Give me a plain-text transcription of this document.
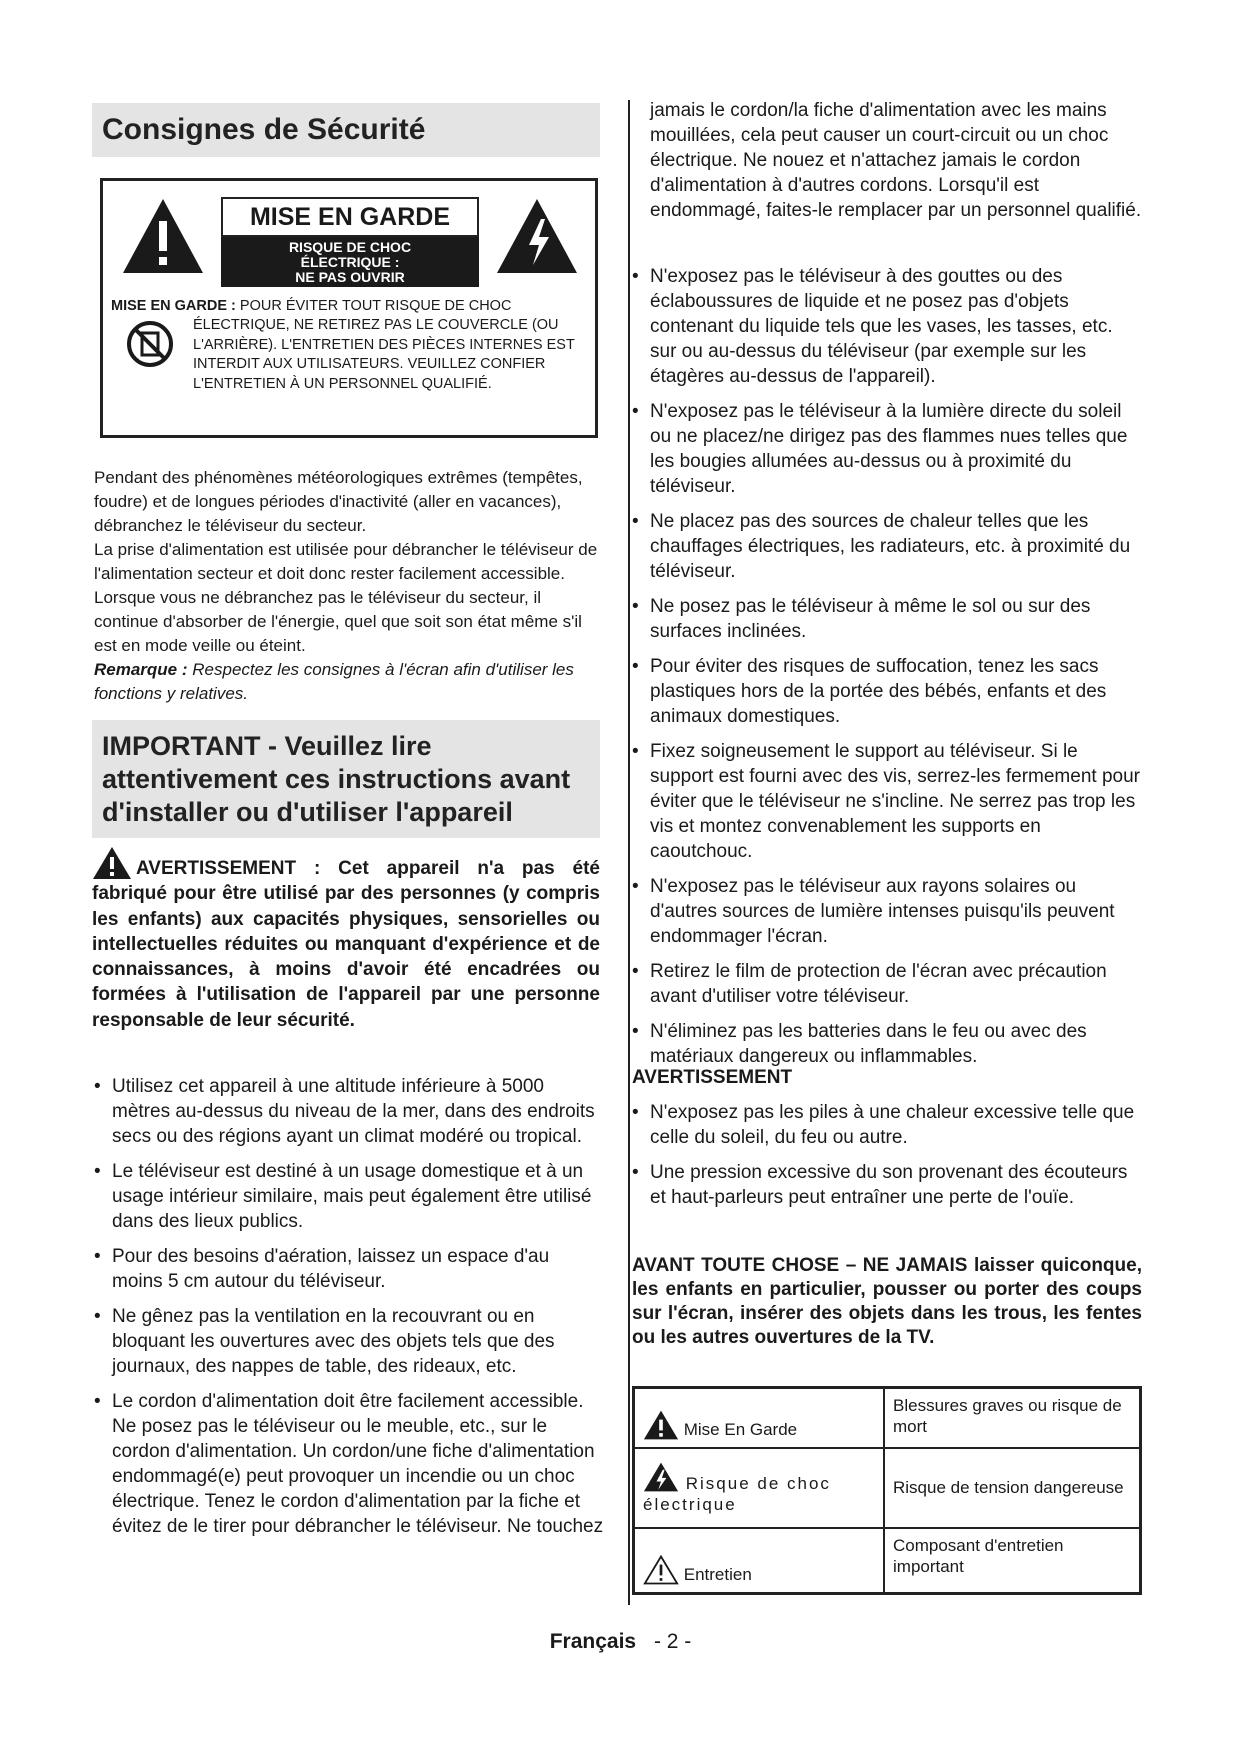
Consignes de Sécurité
MISE EN GARDE
RISQUE DE CHOC
ÉLECTRIQUE :
NE PAS OUVRIR
MISE EN GARDE : POUR ÉVITER TOUT RISQUE DE CHOC
ÉLECTRIQUE, NE RETIREZ PAS LE COUVERCLE (OU L'ARRIÈRE). L'ENTRETIEN DES PIÈCES INTERNES EST INTERDIT AUX UTILISATEURS. VEUILLEZ CONFIER L'ENTRETIEN À UN PERSONNEL QUALIFIÉ.

Pendant des phénomènes météorologiques extrêmes (tempêtes, foudre) et de longues périodes d'inactivité (aller en vacances), débranchez le téléviseur du secteur.

La prise d'alimentation est utilisée pour débrancher le téléviseur de l'alimentation secteur et doit donc rester facilement accessible. Lorsque vous ne débranchez pas le téléviseur du secteur, il continue d'absorber de l'énergie, quel que soit son état même s'il est en mode veille ou éteint.

Remarque : Respectez les consignes à l'écran afin d'utiliser les fonctions y relatives.

IMPORTANT - Veuillez lire attentivement ces instructions avant d'installer ou d'utiliser l'appareil

AVERTISSEMENT : Cet appareil n'a pas été fabriqué pour être utilisé par des personnes (y compris les enfants) aux capacités physiques, sensorielles ou intellectuelles réduites ou manquant d'expérience et de connaissances, à moins d'avoir été encadrées ou formées à l'utilisation de l'appareil par une personne responsable de leur sécurité.

• Utilisez cet appareil à une altitude inférieure à 5000 mètres au-dessus du niveau de la mer, dans des endroits secs ou des régions ayant un climat modéré ou tropical.
• Le téléviseur est destiné à un usage domestique et à un usage intérieur similaire, mais peut également être utilisé dans des lieux publics.
• Pour des besoins d'aération, laissez un espace d'au moins 5 cm autour du téléviseur.
• Ne gênez pas la ventilation en la recouvrant ou en bloquant les ouvertures avec des objets tels que des journaux, des nappes de table, des rideaux, etc.
• Le cordon d'alimentation doit être facilement accessible. Ne posez pas le téléviseur ou le meuble, etc., sur le cordon d'alimentation. Un cordon/une fiche d'alimentation endommagé(e) peut provoquer un incendie ou un choc électrique. Tenez le cordon d'alimentation par la fiche et évitez de le tirer pour débrancher le téléviseur. Ne touchez

jamais le cordon/la fiche d'alimentation avec les mains mouillées, cela peut causer un court-circuit ou un choc électrique. Ne nouez et n'attachez jamais le cordon d'alimentation à d'autres cordons. Lorsqu'il est endommagé, faites-le remplacer par un personnel qualifié.

• N'exposez pas le téléviseur à des gouttes ou des éclaboussures de liquide et ne posez pas d'objets contenant du liquide tels que les vases, les tasses, etc. sur ou au-dessus du téléviseur (par exemple sur les étagères au-dessus de l'appareil).
• N'exposez pas le téléviseur à la lumière directe du soleil ou ne placez/ne dirigez pas des flammes nues telles que les bougies allumées au-dessus ou à proximité du téléviseur.
• Ne placez pas des sources de chaleur telles que les chauffages électriques, les radiateurs, etc. à proximité du téléviseur.
• Ne posez pas le téléviseur à même le sol ou sur des surfaces inclinées.
• Pour éviter des risques de suffocation, tenez les sacs plastiques hors de la portée des bébés, enfants et des animaux domestiques.
• Fixez soigneusement le support au téléviseur. Si le support est fourni avec des vis, serrez-les fermement pour éviter que le téléviseur ne s'incline. Ne serrez pas trop les vis et montez convenablement les supports en caoutchouc.
• N'exposez pas le téléviseur aux rayons solaires ou d'autres sources de lumière intenses puisqu'ils peuvent endommager l'écran.
• Retirez le film de protection de l'écran avec précaution avant d'utiliser votre téléviseur.
• N'éliminez pas les batteries dans le feu ou avec des matériaux dangereux ou inflammables.
AVERTISSEMENT
• N'exposez pas les piles à une chaleur excessive telle que celle du soleil, du feu ou autre.
• Une pression excessive du son provenant des écouteurs et haut-parleurs peut entraîner une perte de l'ouïe.

AVANT TOUTE CHOSE – NE JAMAIS laisser quiconque, les enfants en particulier, pousser ou porter des coups sur l'écran, insérer des objets dans les trous, les fentes ou les autres ouvertures de la TV.

Mise En Garde	Blessures graves ou risque de mort
Risque de choc électrique	Risque de tension dangereuse
Entretien	Composant d'entretien important
Français - 2 -
